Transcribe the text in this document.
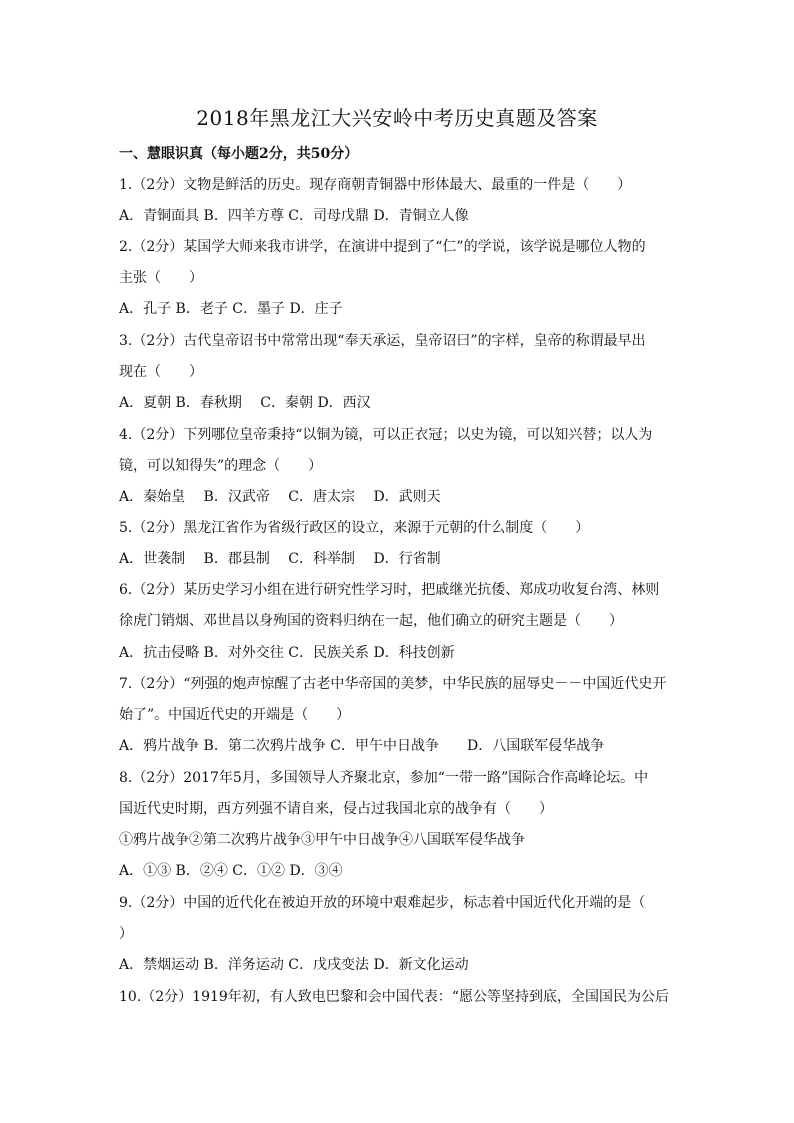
2018年黑龙江大兴安岭中考历史真题及答案
一、慧眼识真（每小题2分，共50分）
1.（2分）文物是鲜活的历史。现存商朝青铜器中形体最大、最重的一件是（　　）
A．青铜面具 B．四羊方尊 C．司母戊鼎 D．青铜立人像
2.（2分）某国学大师来我市讲学，在演讲中提到了“仁”的学说，该学说是哪位人物的
主张（　　）
A．孔子 B．老子 C．墨子 D．庄子
3.（2分）古代皇帝诏书中常常出现“奉天承运，皇帝诏曰”的字样，皇帝的称谓最早出
现在（　　）
A．夏朝 B．春秋期　 C．秦朝 D．西汉
4.（2分）下列哪位皇帝秉持“以铜为镜，可以正衣冠；以史为镜，可以知兴替；以人为
镜，可以知得失”的理念（　　）
A．秦始皇　 B．汉武帝　 C．唐太宗　 D．武则天
5.（2分）黑龙江省作为省级行政区的设立，来源于元朝的什么制度（　　）
A．世袭制　 B．郡县制　 C．科举制　 D．行省制
6.（2分）某历史学习小组在进行研究性学习时，把戚继光抗倭、郑成功收复台湾、林则
徐虎门销烟、邓世昌以身殉国的资料归纳在一起，他们确立的研究主题是（　　）
A．抗击侵略 B．对外交往 C．民族关系 D．科技创新
7.（2分）“列强的炮声惊醒了古老中华帝国的美梦，中华民族的屈辱史－－中国近代史开
始了”。中国近代史的开端是（　　）
A．鸦片战争 B．第二次鸦片战争 C．甲午中日战争　　D．八国联军侵华战争
8.（2分）2017年5月，多国领导人齐聚北京，参加“一带一路”国际合作高峰论坛。中
国近代史时期，西方列强不请自来，侵占过我国北京的战争有（　　）
①鸦片战争②第二次鸦片战争③甲午中日战争④八国联军侵华战争
A．①③ B．②④ C．①② D．③④
9.（2分）中国的近代化在被迫开放的环境中艰难起步，标志着中国近代化开端的是（
）
A．禁烟运动 B．洋务运动 C．戊戌变法 D．新文化运动
10.（2分）1919年初，有人致电巴黎和会中国代表：“愿公等坚持到底，全国国民为公后
